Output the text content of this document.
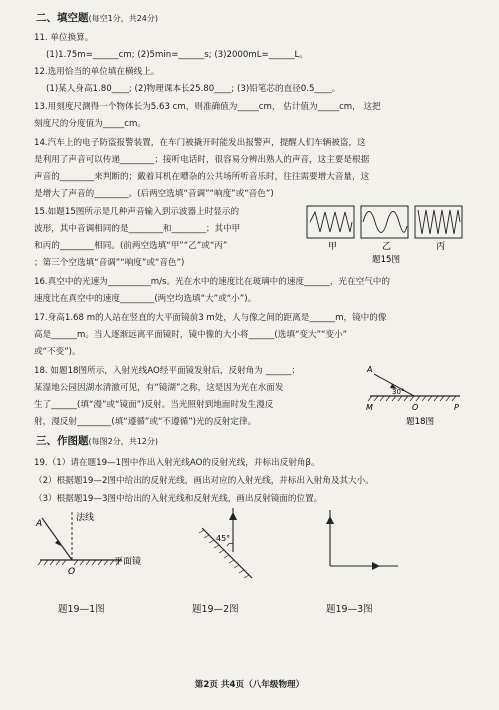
二、填空题(每空1分，共24分)
11. 单位换算。
(1)1.75m=______cm; (2)5min=______s; (3)2000mL=______L。
12.选用恰当的单位填在横线上。
(1)某人身高1.80____; (2)物理课本长25.80____; (3)铅笔芯的直径0.5____。
13.用刻度尺测得一个物体长为5.63 cm，则准确值为_____cm， 估计值为_____cm， 这把
刻度尺的分度值为_____cm。
14.汽车上的电子防盗报警装置，在车门被撬开时能发出报警声，提醒人们车辆被盗，这
是利用了声音可以传递________；接听电话时，很容易分辨出熟人的声音，这主要是根据
声音的________来判断的；戴着耳机在嘈杂的公共场所听音乐时，往往需要增大音量，这
是增大了声音的________。(后两空选填“音调”“响度”或“音色”)
15.如题15图所示是几种声音输入到示波器上时显示的
波形，其中音调相同的是________和________；其中甲
和丙的________相同。(前两空选填“甲”“乙”或“丙”
；第三个空选填“音调”“响度”或“音色”)
甲	乙	丙
题15图
16.真空中的光速为__________m/s。光在水中的速度比在玻璃中的速度______，光在空气中的
速度比在真空中的速度________(两空均选填“大”或“小”)。
17.身高1.68 m的人站在竖直的大平面镜前3 m处，人与像之间的距离是______m，镜中的像
高是______m。当人逐渐远离平面镜时，镜中像的大小将______(选填“变大”“变小”
或“不变”)。
18. 如题18图所示，入射光线AO经平面镜发射后，反射角为 ______；
某湿地公园因湖水清澈可见，有“镜湖”之称，这是因为光在水面发
生了______(填“漫”或“镜面”)反射。当光照射到地面时发生漫反
射，漫反射________(填“遵循”或“不遵循”)光的反射定律。
A
30°
M	O	P
题18图
三、作图题(每图2分，共12分)
19.（1）请在题19—1图中作出入射光线AO的反射光线，并标出反射角β。
（2）根据题19—2图中给出的反射光线，画出对应的入射光线，并标出入射角及其大小。
（3）根据题19—3图中给出的入射光线和反射光线，画出反射镜面的位置。
法线
A
平面镜
O
题19—1图
45°
题19—2图	题19—3图
第2页 共4页（八年级物理）
